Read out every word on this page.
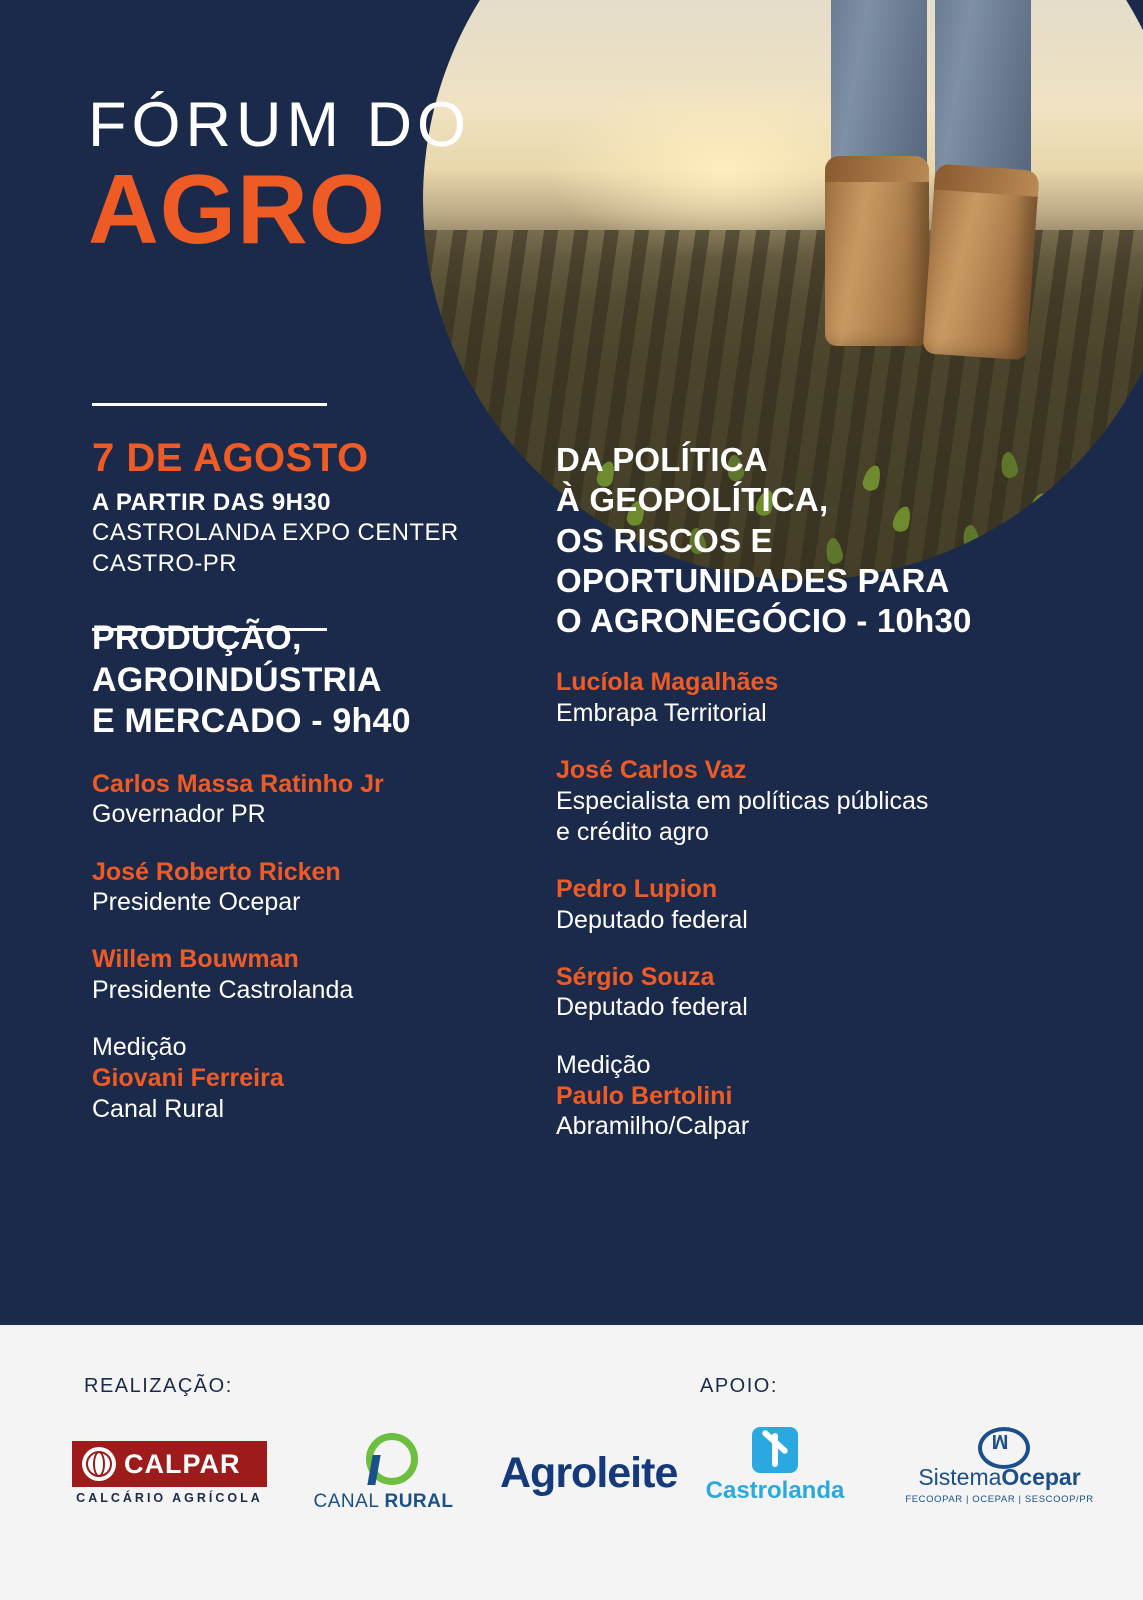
FÓRUM DO
AGRO
7 DE AGOSTO
A PARTIR DAS 9H30
CASTROLANDA EXPO CENTER
CASTRO-PR
PRODUÇÃO,
AGROINDÚSTRIA
E MERCADO - 9h40
Carlos Massa Ratinho Jr
Governador PR
José Roberto Ricken
Presidente Ocepar
Willem Bouwman
Presidente Castrolanda
Medição
Giovani Ferreira
Canal Rural
DA POLÍTICA
À GEOPOLÍTICA,
OS RISCOS E
OPORTUNIDADES PARA
O AGRONEGÓCIO - 10h30
Lucíola Magalhães
Embrapa Territorial
José Carlos Vaz
Especialista em políticas públicas
e crédito agro
Pedro Lupion
Deputado federal
Sérgio Souza
Deputado federal
Medição
Paulo Bertolini
Abramilho/Calpar
REALIZAÇÃO:	APOIO:
CALPAR
CALCÁRIO AGRÍCOLA	CANAL RURAL
Agroleite Castrolanda
M	SistemaOcepar
FECOOPAR | OCEPAR | SESCOOP/PR
